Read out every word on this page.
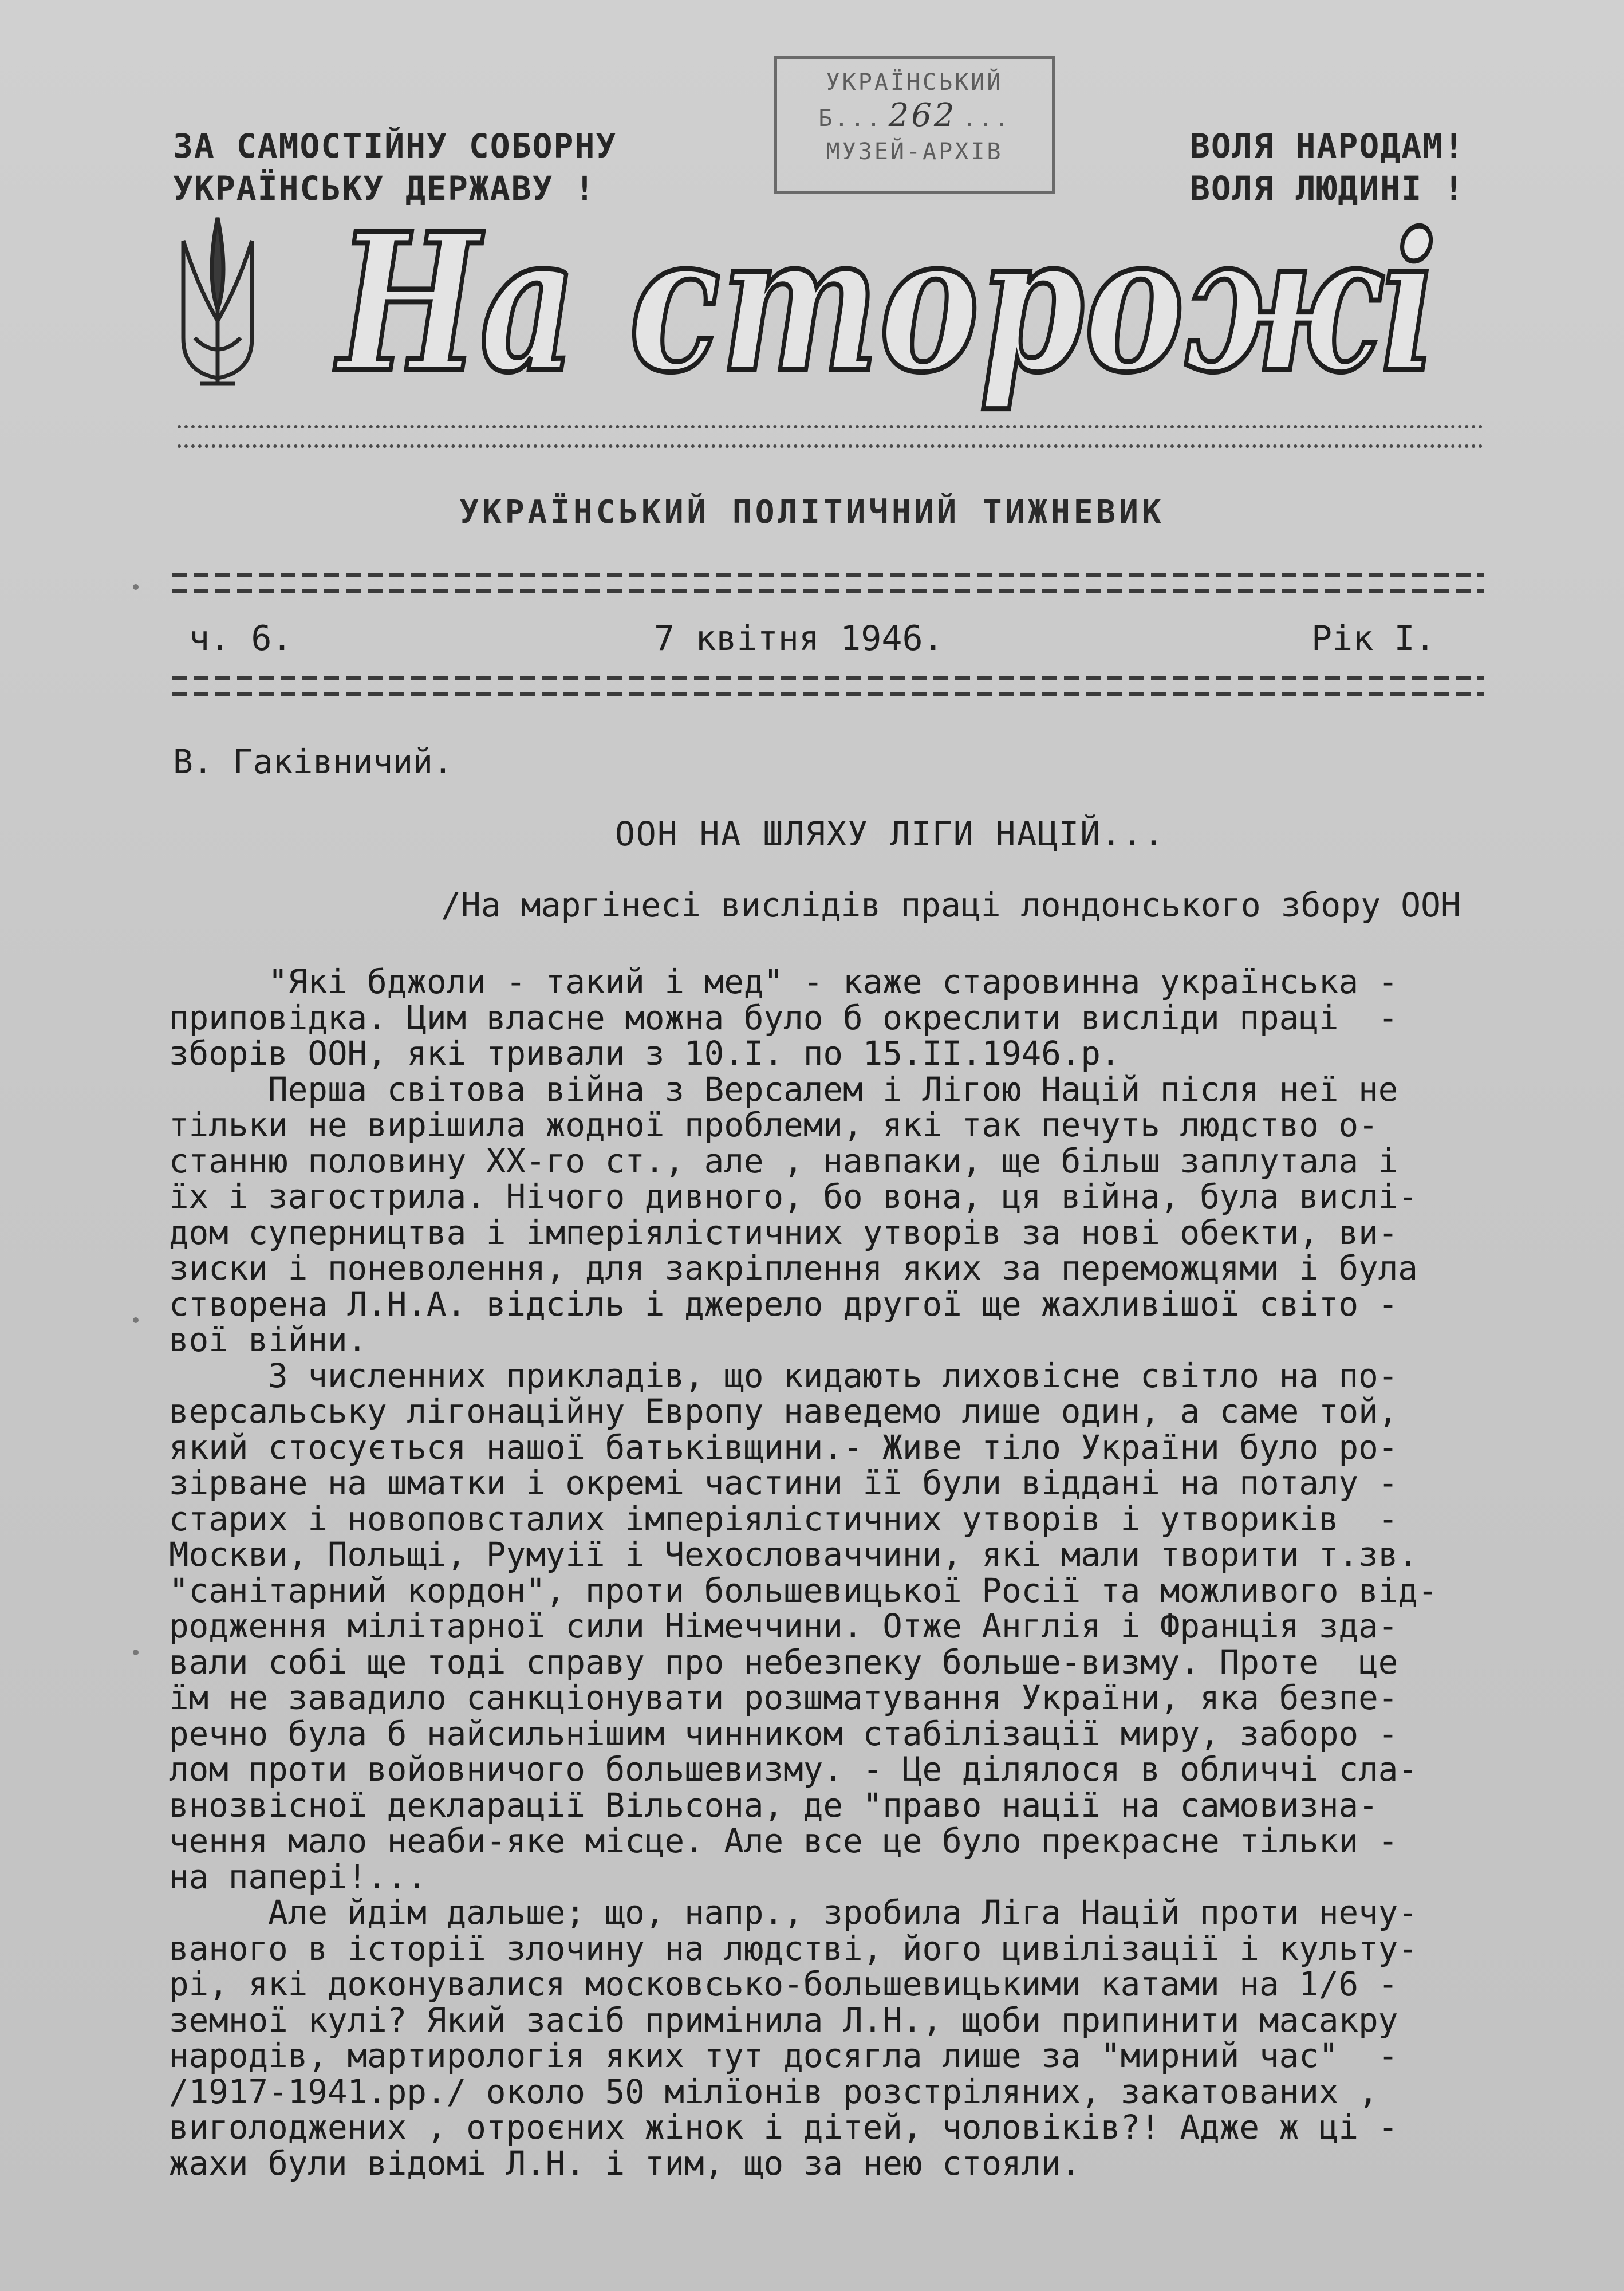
ЗА САМОСТІЙНУ СОБОРНУ
УКРАЇНСЬКУ ДЕРЖАВУ !
УКРАЇНСЬКИЙ
Б... 262 ...
МУЗЕЙ-АРХІВ	ВОЛЯ НАРОДАМ!
ВОЛЯ ЛЮДИНІ !
На сторожі
УКРАЇНСЬКИЙ ПОЛІТИЧНИЙ ТИЖНЕВИК
ч. 6.	7 квітня 1946.	Рік І.
В. Гаківничий.
ООН НА ШЛЯХУ ЛІГИ НАЦІЙ...
/На маргінесі вислідів праці лондонського збору ООН
"Які бджоли - такий і мед" - каже старовинна українська -
приповідка. Цим власне можна було б окреслити висліди праці  -
зборів ООН, які тривали з 10.І. по 15.ІІ.1946.р.
Перша світова війна з Версалем і Лігою Націй після неї не
тільки не вирішила жодної проблеми, які так печуть людство о-
станню половину ХХ-го ст., але , навпаки, ще більш заплутала і
їх і загострила. Нічого дивного, бо вона, ця війна, була вислі-
дом суперництва і імперіялістичних утворів за нові обекти, ви-
зиски і поневолення, для закріплення яких за переможцями і була
створена Л.Н.А. відсіль і джерело другої ще жахливішої світо -
вої війни.
З численних прикладів, що кидають лиховісне світло на по-
версальську лігонаційну Европу наведемо лише один, а саме той,
який стосується нашої батьківщини.- Живе тіло України було ро-
зірване на шматки і окремі частини її були віддані на поталу -
старих і новоповсталих імперіялістичних утворів і утвориків  -
Москви, Польщі, Румуії і Чехословаччини, які мали творити т.зв.
"санітарний кордон", проти большевицької Росії та можливого від-
родження мілітарної сили Німеччини. Отже Англія і Франція зда-
вали собі ще тоді справу про небезпеку больше-визму. Проте  це
їм не завадило санкціонувати розшматування України, яка безпе-
речно була б найсильнішим чинником стабілізації миру, заборо -
лом проти войовничого большевизму. - Це ділялося в обличчі сла-
внозвісної декларації Вільсона, де "право нації на самовизна-
чення мало неаби-яке місце. Але все це було прекрасне тільки -
на папері!...
Але йдім дальше; що, напр., зробила Ліга Націй проти нечу-
ваного в історії злочину на людстві, його цивілізації і культу-
рі, які доконувалися московсько-большевицькими катами на 1/6 -
земної кулі? Який засіб примінила Л.Н., щоби припинити масакру
народів, мартирологія яких тут досягла лише за "мирний час"  -
/1917-1941.рр./ около 50 мілїонів розстріляних, закатованих ,
виголоджених , отроєних жінок і дітей, чоловіків?! Адже ж ці -
жахи були відомі Л.Н. і тим, що за нею стояли.
